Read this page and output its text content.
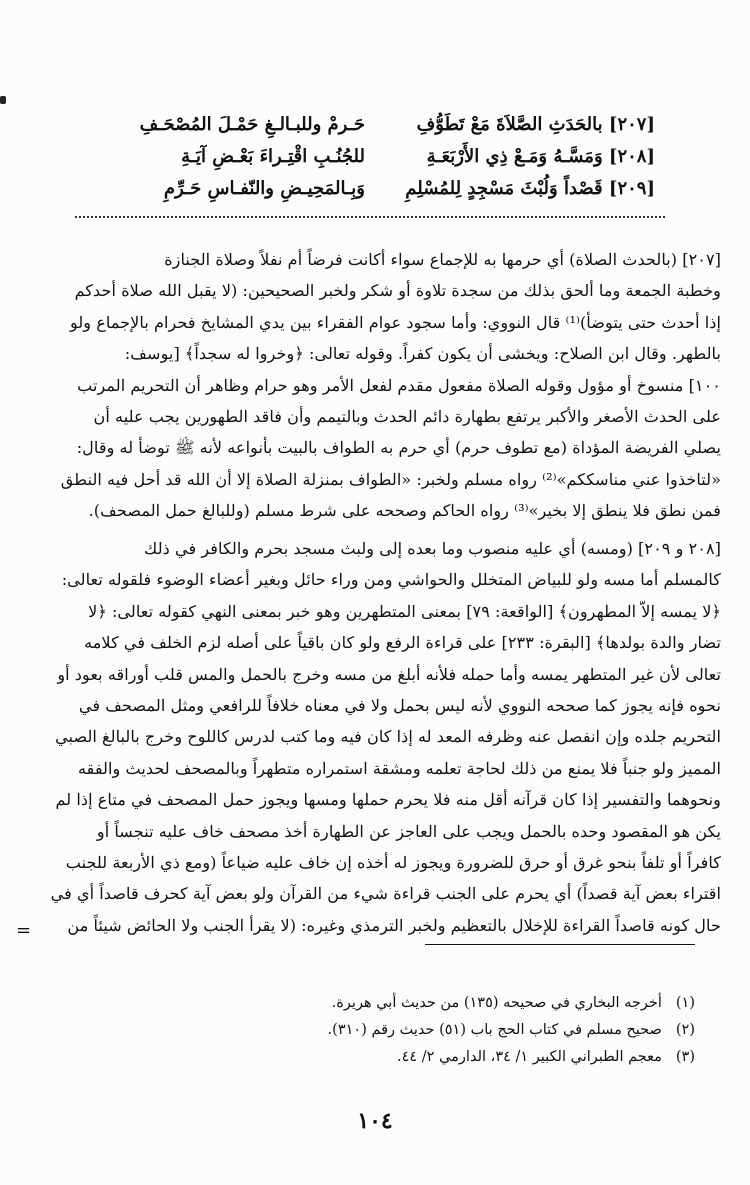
[٢٠٧] بالحَدَثِ الصَّلاَةَ مَعْ تَطَوُّفِ
حَـرمْ وللبـالـغِ حَمْـلَ المُصْحَـفِ
[٢٠٨] وَمَسَّـهُ وَمَـعْ ذِي الأَرْبَعَـةِ
للجُنُـبِ اقْتِـراءَ بَعْـضِ آيَـةِ
[٢٠٩] قَصْداً وَلُبْثَ مَسْجِدٍ لِلمُسْلِمِ
وَبِـالمَحِيـضِ والنّفـاسِ حَـرِّمِ
[٢٠٧] (بالحدث الصلاة) أي حرمها به للإجماع سواء أكانت فرضاً أم نفلاً وصلاة الجنازة
وخطبة الجمعة وما ألحق بذلك من سجدة تلاوة أو شكر ولخبر الصحيحين: (لا يقبل الله صلاة أحدكم
إذا أحدث حتى يتوضأ)⁽¹⁾ قال النووي: وأما سجود عوام الفقراء بين يدي المشايخ فحرام بالإجماع ولو
بالطهر. وقال ابن الصلاح: ويخشى أن يكون كفراً. وقوله تعالى: ﴿وخروا له سجداً﴾ [يوسف:
١٠٠] منسوخ أو مؤول وقوله الصلاة مفعول مقدم لفعل الأمر وهو حرام وظاهر أن التحريم المرتب
على الحدث الأصغر والأكبر يرتفع بطهارة دائم الحدث وبالتيمم وأن فاقد الطهورين يجب عليه أن
يصلي الفريضة المؤداة (مع تطوف حرم) أي حرم به الطواف بالبيت بأنواعه لأنه ﷺ توضأ له وقال:
«لتاخذوا عني مناسككم»⁽²⁾ رواه مسلم ولخبر: «الطواف بمنزلة الصلاة إلا أن الله قد أحل فيه النطق
فمن نطق فلا ينطق إلا بخير»⁽³⁾ رواه الحاكم وصححه على شرط مسلم (وللبالغ حمل المصحف).
[٢٠٨ و ٢٠٩] (ومسه) أي عليه منصوب وما بعده إلى ولبث مسجد بحرم والكافر في ذلك
كالمسلم أما مسه ولو للبياض المتخلل والحواشي ومن وراء حائل وبغير أعضاء الوضوء فلقوله تعالى:
﴿لا يمسه إلاّ المطهرون﴾ [الواقعة: ٧٩] بمعنى المتطهرين وهو خبر بمعنى النهي كقوله تعالى: ﴿لا
تضار والدة بولدها﴾ [البقرة: ٢٣٣] على قراءة الرفع ولو كان باقياً على أصله لزم الخلف في كلامه
تعالى لأن غير المتطهر يمسه وأما حمله فلأنه أبلغ من مسه وخرج بالحمل والمس قلب أوراقه بعود أو
نحوه فإنه يجوز كما صححه النووي لأنه ليس بحمل ولا في معناه خلافاً للرافعي ومثل المصحف في
التحريم جلده وإن انفصل عنه وظرفه المعد له إذا كان فيه وما كتب لدرس كاللوح وخرج بالبالغ الصبي
المميز ولو جنباً فلا يمنع من ذلك لحاجة تعلمه ومشقة استمراره متطهراً وبالمصحف لحديث والفقه
ونحوهما والتفسير إذا كان قرآنه أقل منه فلا يحرم حملها ومسها ويجوز حمل المصحف في متاع إذا لم
يكن هو المقصود وحده بالحمل ويجب على العاجز عن الطهارة أخذ مصحف خاف عليه تنجساً أو
كافراً أو تلفاً بنحو غرق أو حرق للضرورة ويجوز له أخذه إن خاف عليه ضياعاً (ومع ذي الأربعة للجنب
اقتراء بعض آية قصداً) أي يحرم على الجنب قراءة شيء من القرآن ولو بعض آية كحرف قاصداً أي في
حال كونه قاصداً القراءة للإخلال بالتعظيم ولخبر الترمذي وغيره: (لا يقرأ الجنب ولا الحائض شيئاً من
=
(١)
أخرجه البخاري في صحيحه (١٣٥) من حديث أبي هريرة.
(٢)
صحيح مسلم في كتاب الحج باب (٥١) حديث رقم (٣١٠).
(٣)
معجم الطبراني الكبير ١/ ٣٤، الدارمي ٢/ ٤٤.
١٠٤
